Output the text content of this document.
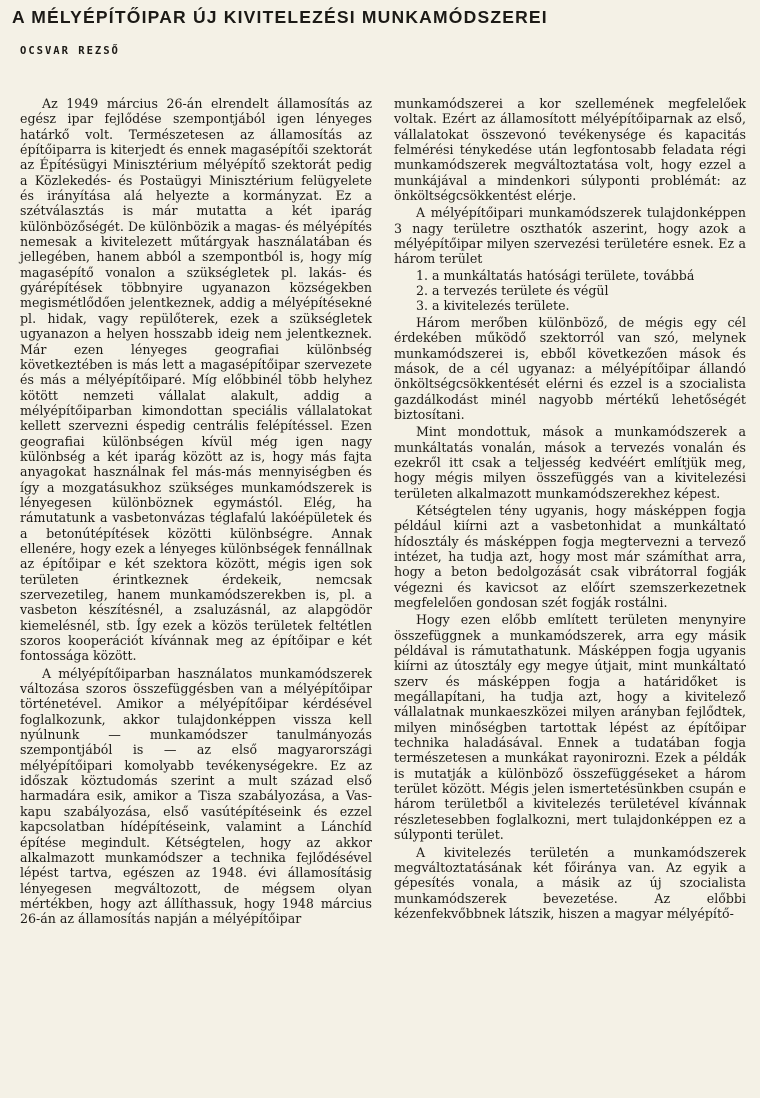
A MÉLYÉPÍTŐIPAR ÚJ KIVITELEZÉSI MUNKAMÓDSZEREI
OCSVAR REZSŐ

Az 1949 március 26-án elrendelt államosítás az egész ipar fejlődése szempontjából igen lényeges határkő volt. Természetesen az államosítás az építőiparra is kiterjedt és ennek magasépítői szektorát az Építésügyi Minisztérium mélyépítő szektorát pedig a Közlekedés- és Postaügyi Minisztérium felügyelete és irányítása alá helyezte a kormányzat. Ez a szétválasztás is már mutatta a két iparág különbözőségét. De különbözik a magas- és mélyépítés nemesak a kivitelezett műtárgyak használatában és jellegében, hanem abból a szempontból is, hogy míg magasépítő vonalon a szükségletek pl. lakás- és gyárépítések többnyire ugyanazon községekben megismétlődően jelentkeznek, addig a mélyépítésekné pl. hidak, vagy repülőterek, ezek a szükségletek ugyanazon a helyen hosszabb ideig nem jelentkeznek. Már ezen lényeges geografiai különbség következtében is más lett a magasépítőipar szervezete és más a mélyépítőiparé. Míg előbbinél több helyhez kötött nemzeti vállalat alakult, addig a mélyépítőiparban kimondottan speciális vállalatokat kellett szervezni éspedig centrális felépítéssel. Ezen geografiai különbségen kívül még igen nagy különbség a két iparág között az is, hogy más fajta anyagokat használnak fel más-más mennyiségben és így a mozgatásukhoz szükséges munkamódszerek is lényegesen különböznek egymástól. Elég, ha rámutatunk a vasbetonvázas téglafalú lakóépületek és a betonútépítések közötti különbségre. Annak ellenére, hogy ezek a lényeges különbségek fennállnak az építőipar e két szektora között, mégis igen sok területen érintkeznek érdekeik, nemcsak szervezetileg, hanem munkamódszerekben is, pl. a vasbeton készítésnél, a zsaluzásnál, az alapgödör kiemelésnél, stb. Így ezek a közös területek feltétlen szoros kooperációt kívánnak meg az építőipar e két fontossága között.

A mélyépítőiparban használatos munkamódszerek változása szoros összefüggésben van a mélyépítőipar történetével. Amikor a mélyépítőipar kérdésével foglalkozunk, akkor tulajdonképpen vissza kell nyúlnunk — munkamódszer tanulmányozás szempontjából is — az első magyarországi mélyépítőipari komolyabb tevékenységekre. Ez az időszak köztudomás szerint a mult század első harmadára esik, amikor a Tisza szabályozása, a Vas-kapu szabályozása, első vasútépítéseink és ezzel kapcsolatban hídépítéseink, valamint a Lánchíd építése megindult. Kétségtelen, hogy az akkor alkalmazott munkamódszer a technika fejlődésével lépést tartva, egészen az 1948. évi államosításig lényegesen megváltozott, de mégsem olyan mértékben, hogy azt állíthassuk, hogy 1948 március 26-án az államosítás napján a mélyépítőipar

munkamódszerei a kor szellemének megfelelőek voltak. Ezért az államosított mélyépítőiparnak az első, vállalatokat összevonó tevékenysége és kapacitás felmérési ténykedése után legfontosabb feladata régi munkamódszerek megváltoztatása volt, hogy ezzel a munkájával a mindenkori súlyponti problémát: az önköltségcsökkentést elérje.

A mélyépítőipari munkamódszerek tulajdonképpen 3 nagy területre oszthatók aszerint, hogy azok a mélyépítőipar milyen szervezési területére esnek. Ez a három terület

1. a munkáltatás hatósági területe, továbbá
2. a tervezés területe és végül
3. a kivitelezés területe.

Három merőben különböző, de mégis egy cél érdekében működő szektorról van szó, melynek munkamódszerei is, ebből következően mások és mások, de a cél ugyanaz: a mélyépítőipar állandó önköltségcsökkentését elérni és ezzel is a szocialista gazdálkodást minél nagyobb mértékű lehetőségét biztosítani.

Mint mondottuk, mások a munkamódszerek a munkáltatás vonalán, mások a tervezés vonalán és ezekről itt csak a teljesség kedvéért említjük meg, hogy mégis milyen összefüggés van a kivitelezési területen alkalmazott munkamódszerekhez képest.

Kétségtelen tény ugyanis, hogy másképpen fogja például kiírni azt a vasbetonhidat a munkáltató hídosztály és másképpen fogja megtervezni a tervező intézet, ha tudja azt, hogy most már számíthat arra, hogy a beton bedolgozását csak vibrátorral fogják végezni és kavicsot az előírt szemszerkezetnek megfelelően gondosan szét fogják rostálni.

Hogy ezen előbb említett területen menynyire összefüggnek a munkamódszerek, arra egy másik példával is rámutathatunk. Másképpen fogja ugyanis kiírni az útosztály egy megye útjait, mint munkáltató szerv és másképpen fogja a határidőket is megállapítani, ha tudja azt, hogy a kivitelező vállalatnak munkaeszközei milyen arányban fejlődtek, milyen minőségben tartottak lépést az építőipar technika haladásával. Ennek a tudatában fogja természetesen a munkákat rayonirozni. Ezek a példák is mutatják a különböző összefüggéseket a három terület között. Mégis jelen ismertetésünkben csupán e három területből a kivitelezés területével kívánnak részletesebben foglalkozni, mert tulajdonképpen ez a súlyponti terület.

A kivitelezés területén a munkamódszerek megváltoztatásának két főiránya van. Az egyik a gépesítés vonala, a másik az új szocialista munkamódszerek bevezetése. Az előbbi kézenfekvőbbnek látszik, hiszen a magyar mélyépítő-
